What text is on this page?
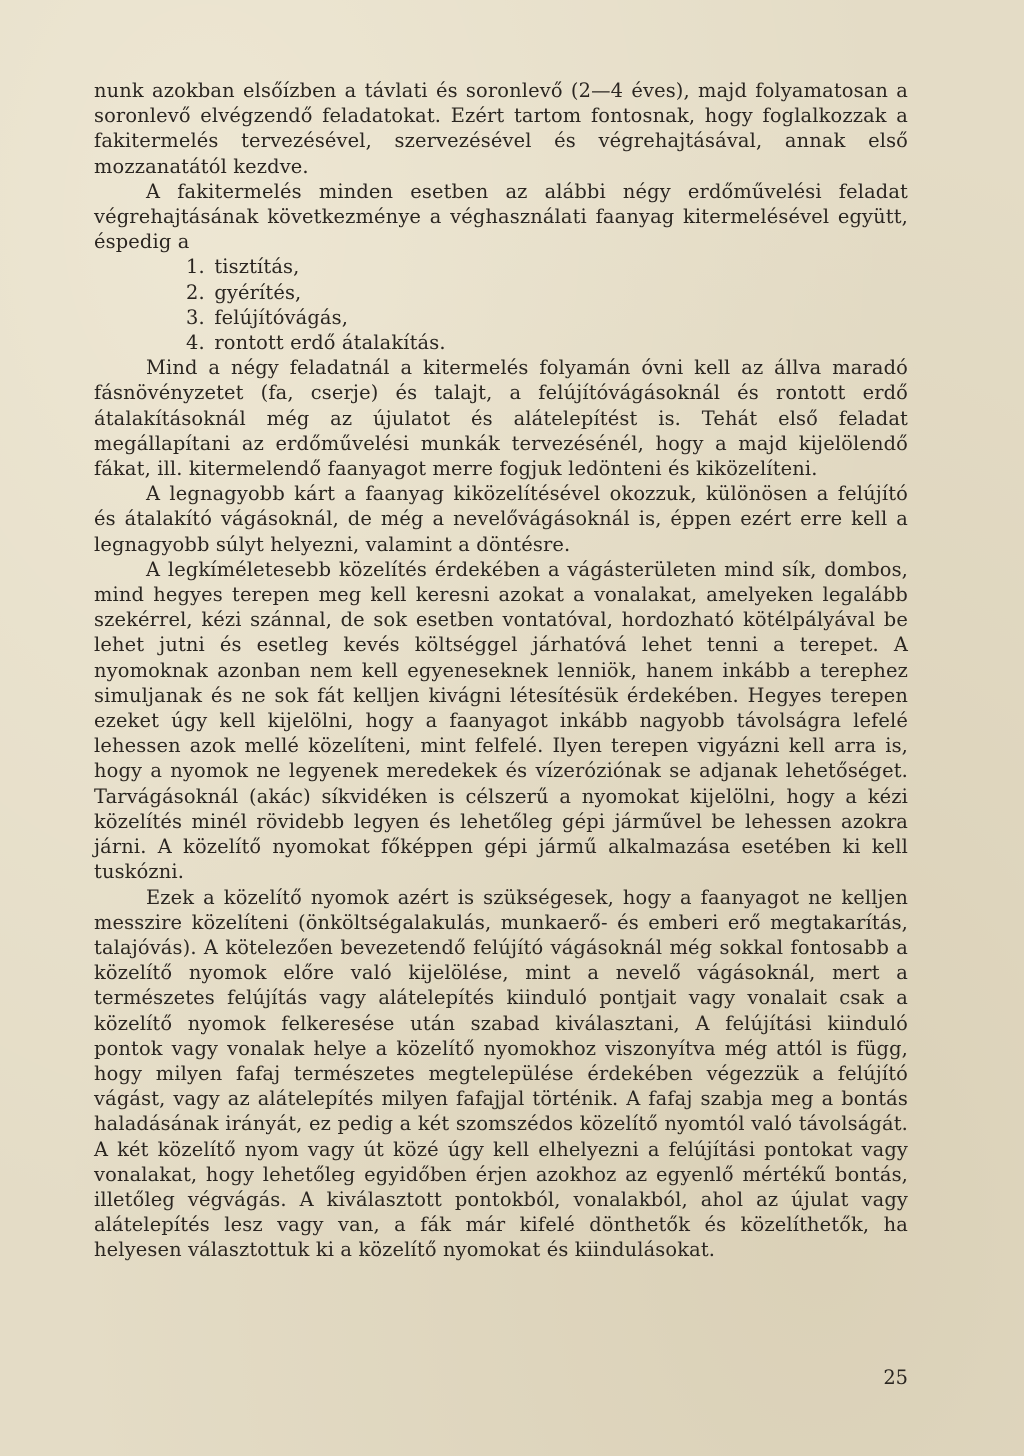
nunk azokban elsőízben a távlati és soronlevő (2—4 éves), majd folyamatosan a soronlevő elvégzendő feladatokat. Ezért tartom fontosnak, hogy foglalkozzak a fakitermelés tervezésével, szervezésével és végrehajtásával, annak első mozzanatától kezdve.

A fakitermelés minden esetben az alábbi négy erdőművelési feladat végrehajtásának következménye a véghasználati faanyag kitermelésével együtt, éspedig a

1. tisztítás,
2. gyérítés,
3. felújítóvágás,
4. rontott erdő átalakítás.

Mind a négy feladatnál a kitermelés folyamán óvni kell az állva maradó fásnövényzetet (fa, cserje) és talajt, a felújítóvágásoknál és rontott erdő átalakításoknál még az újulatot és alátelepítést is. Tehát első feladat megállapítani az erdőművelési munkák tervezésénél, hogy a majd kijelölendő fákat, ill. kitermelendő faanyagot merre fogjuk ledönteni és kiközelíteni.

A legnagyobb kárt a faanyag kiközelítésével okozzuk, különösen a felújító és átalakító vágásoknál, de még a nevelővágásoknál is, éppen ezért erre kell a legnagyobb súlyt helyezni, valamint a döntésre.

A legkíméletesebb közelítés érdekében a vágásterületen mind sík, dombos, mind hegyes terepen meg kell keresni azokat a vonalakat, amelyeken legalább szekérrel, kézi szánnal, de sok esetben vontatóval, hordozható kötélpályával be lehet jutni és esetleg kevés költséggel járhatóvá lehet tenni a terepet. A nyomoknak azonban nem kell egyeneseknek lenniök, hanem inkább a terephez simuljanak és ne sok fát kelljen kivágni létesítésük érdekében. Hegyes terepen ezeket úgy kell kijelölni, hogy a faanyagot inkább nagyobb távolságra lefelé lehessen azok mellé közelíteni, mint felfelé. Ilyen terepen vigyázni kell arra is, hogy a nyomok ne legyenek meredekek és vízeróziónak se adjanak lehetőséget. Tarvágásoknál (akác) síkvidéken is célszerű a nyomokat kijelölni, hogy a kézi közelítés minél rövidebb legyen és lehetőleg gépi járművel be lehessen azokra járni. A közelítő nyomokat főképpen gépi jármű alkalmazása esetében ki kell tuskózni.

Ezek a közelítő nyomok azért is szükségesek, hogy a faanyagot ne kelljen messzire közelíteni (önköltségalakulás, munkaerő- és emberi erő megtakarítás, talajóvás). A kötelezően bevezetendő felújító vágásoknál még sokkal fontosabb a közelítő nyomok előre való kijelölése, mint a nevelő vágásoknál, mert a természetes felújítás vagy alátelepítés kiinduló pontjait vagy vonalait csak a közelítő nyomok felkeresése után szabad kiválasztani, A felújítási kiinduló pontok vagy vonalak helye a közelítő nyomokhoz viszonyítva még attól is függ, hogy milyen fafaj természetes megtelepülése érdekében végezzük a felújító vágást, vagy az alátelepítés milyen fafajjal történik. A fafaj szabja meg a bontás haladásának irányát, ez pedig a két szomszédos közelítő nyomtól való távolságát. A két közelítő nyom vagy út közé úgy kell elhelyezni a felújítási pontokat vagy vonalakat, hogy lehetőleg egyidőben érjen azokhoz az egyenlő mértékű bontás, illetőleg végvágás. A kiválasztott pontokból, vonalakból, ahol az újulat vagy alátelepítés lesz vagy van, a fák már kifelé dönthetők és közelíthetők, ha helyesen választottuk ki a közelítő nyomokat és kiindulásokat.

25
